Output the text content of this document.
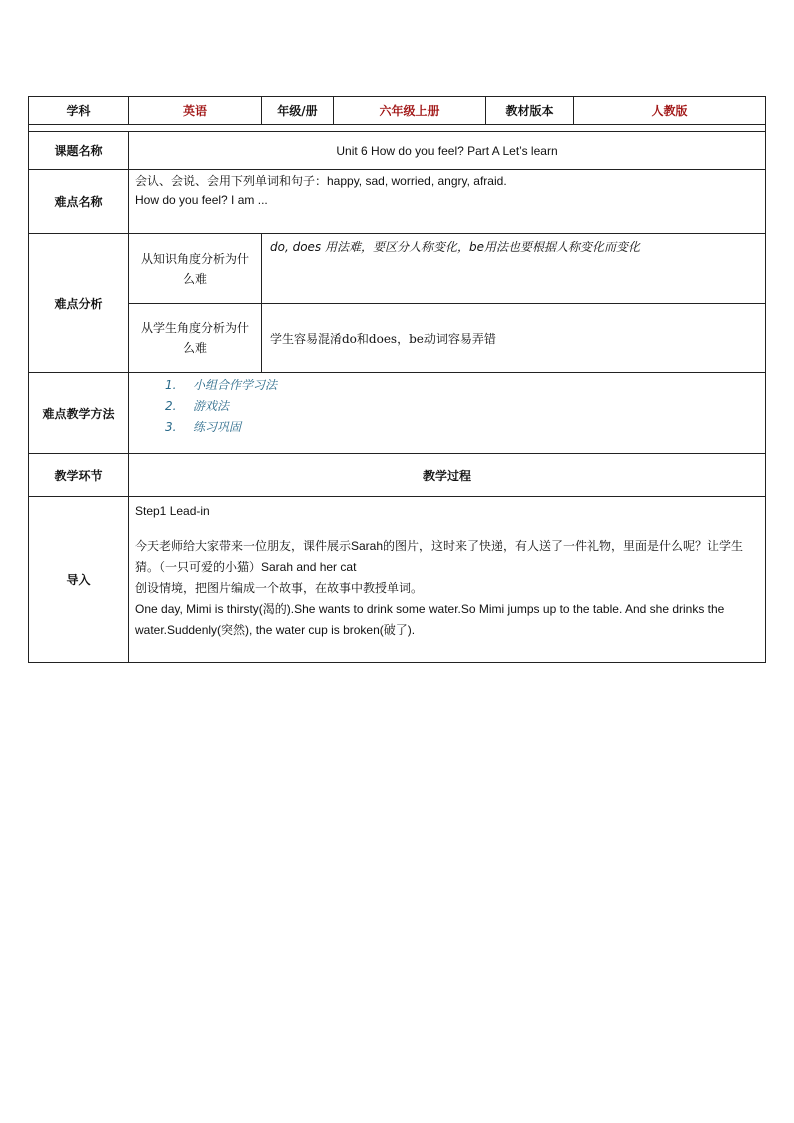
学科	英语	年级/册	六年级上册	教材版本	人教版

课题名称	Unit 6 How do you feel? Part A Let’s learn				
难点名称	会认、会说、会用下列单词和句子：happy, sad, worried, angry, afraid.
How do you feel? I am ...				

难点分析	从知识角度分析为什么难	do, does 用法难，要区分人称变化，be用法也要根据人称变化而变化			
	从学生角度分析为什么难	学生容易混淆do和does，be动词容易弄错			
难点教学方法	1. 小组合作学习法
2. 游戏法
3. 练习巩固				

教学环节	教学过程				
导入	Step1 Lead-in

今天老师给大家带来一位朋友，课件展示Sarah的图片，这时来了快递，有人送了一件礼物，里面是什么呢？让学生猜。（一只可爱的小猫）Sarah and her cat

创设情境，把图片编成一个故事，在故事中教授单词。

One day, Mimi is thirsty(渴的).She wants to drink some water.So Mimi jumps up to the table. And she drinks the water.Suddenly(突然), the water cup is broken(破了).				
